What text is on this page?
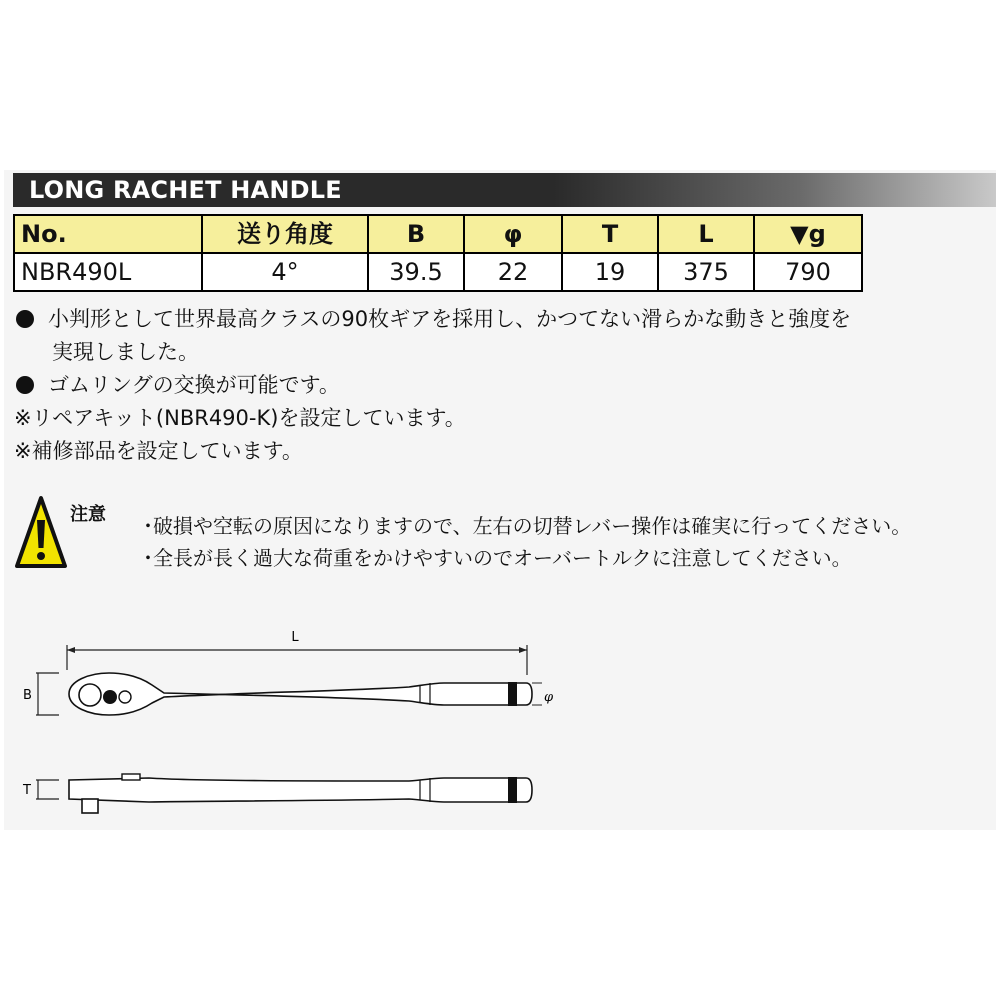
LONG RACHET HANDLE
No.	送り角度	B	φ	T	L	▼g
NBR490L	4°	39.5	22	19	375	790
小判形として世界最高クラスの90枚ギアを採用し、かつてない滑らかな動きと強度を
実現しました。
ゴムリングの交換が可能です。
※リペアキット(NBR490-K)を設定しています。
※補修部品を設定しています。
注意 ･破損や空転の原因になりますので、左右の切替レバー操作は確実に行ってください。
･全長が長く過大な荷重をかけやすいのでオーバートルクに注意してください。
L
B	φ
T
